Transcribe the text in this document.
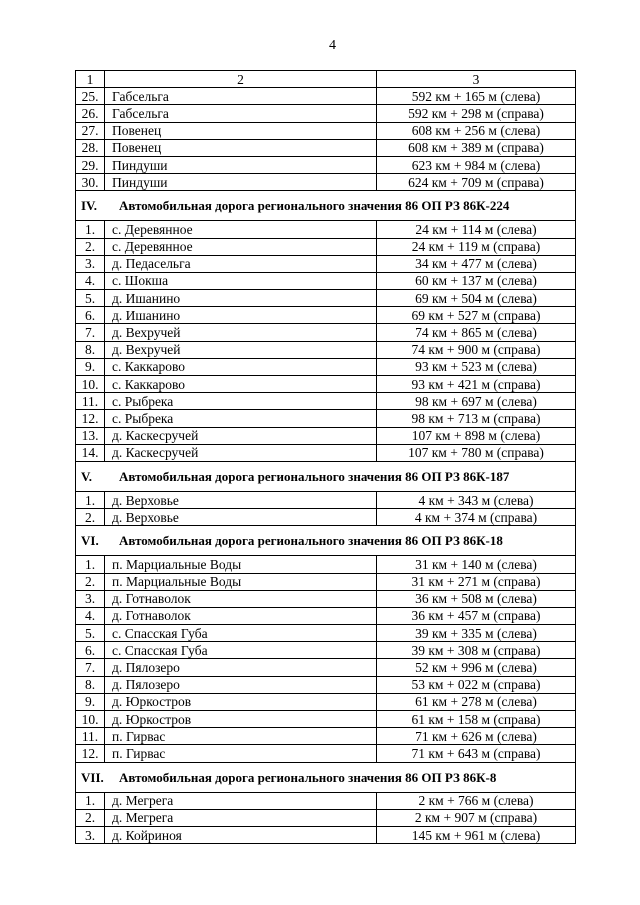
4
1	2	3
25.	Габсельга	592 км + 165 м (слева)
26.	Габсельга	592 км + 298 м (справа)
27.	Повенец	608 км + 256 м (слева)
28.	Повенец	608 км + 389 м (справа)
29.	Пиндуши	623 км + 984 м (слева)
30.	Пиндуши	624 км + 709 м (справа)
IV. Автомобильная дорога регионального значения 86 ОП РЗ 86К-224		
1.	с. Деревянное	24 км + 114 м (слева)
2.	с. Деревянное	24 км + 119 м (справа)
3.	д. Педасельга	34 км + 477 м (слева)
4.	с. Шокша	60 км + 137 м (слева)
5.	д. Ишанино	69 км + 504 м (слева)
6.	д. Ишанино	69 км + 527 м (справа)
7.	д. Вехручей	74 км + 865 м (слева)
8.	д. Вехручей	74 км + 900 м (справа)
9.	с. Каккарово	93 км + 523 м (слева)
10.	с. Каккарово	93 км + 421 м (справа)
11.	с. Рыбрека	98 км + 697 м (слева)
12.	с. Рыбрека	98 км + 713 м (справа)
13.	д. Каскесручей	107 км + 898 м (слева)
14.	д. Каскесручей	107 км + 780 м (справа)
V. Автомобильная дорога регионального значения 86 ОП РЗ 86К-187		
1.	д. Верховье	4 км + 343 м (слева)
2.	д. Верховье	4 км + 374 м (справа)
VI. Автомобильная дорога регионального значения 86 ОП РЗ 86К-18		
1.	п. Марциальные Воды	31 км + 140 м (слева)
2.	п. Марциальные Воды	31 км + 271 м (справа)
3.	д. Готнаволок	36 км + 508 м (слева)
4.	д. Готнаволок	36 км + 457 м (справа)
5.	с. Спасская Губа	39 км + 335 м (слева)
6.	с. Спасская Губа	39 км + 308 м (справа)
7.	д. Пялозеро	52 км + 996 м (слева)
8.	д. Пялозеро	53 км + 022 м (справа)
9.	д. Юркостров	61 км + 278 м (слева)
10.	д. Юркостров	61 км + 158 м (справа)
11.	п. Гирвас	71 км + 626 м (слева)
12.	п. Гирвас	71 км + 643 м (справа)
VII. Автомобильная дорога регионального значения 86 ОП РЗ 86К-8		
1.	д. Мегрега	2 км + 766 м (слева)
2.	д. Мегрега	2 км + 907 м (справа)
3.	д. Койриноя	145 км + 961 м (слева)
